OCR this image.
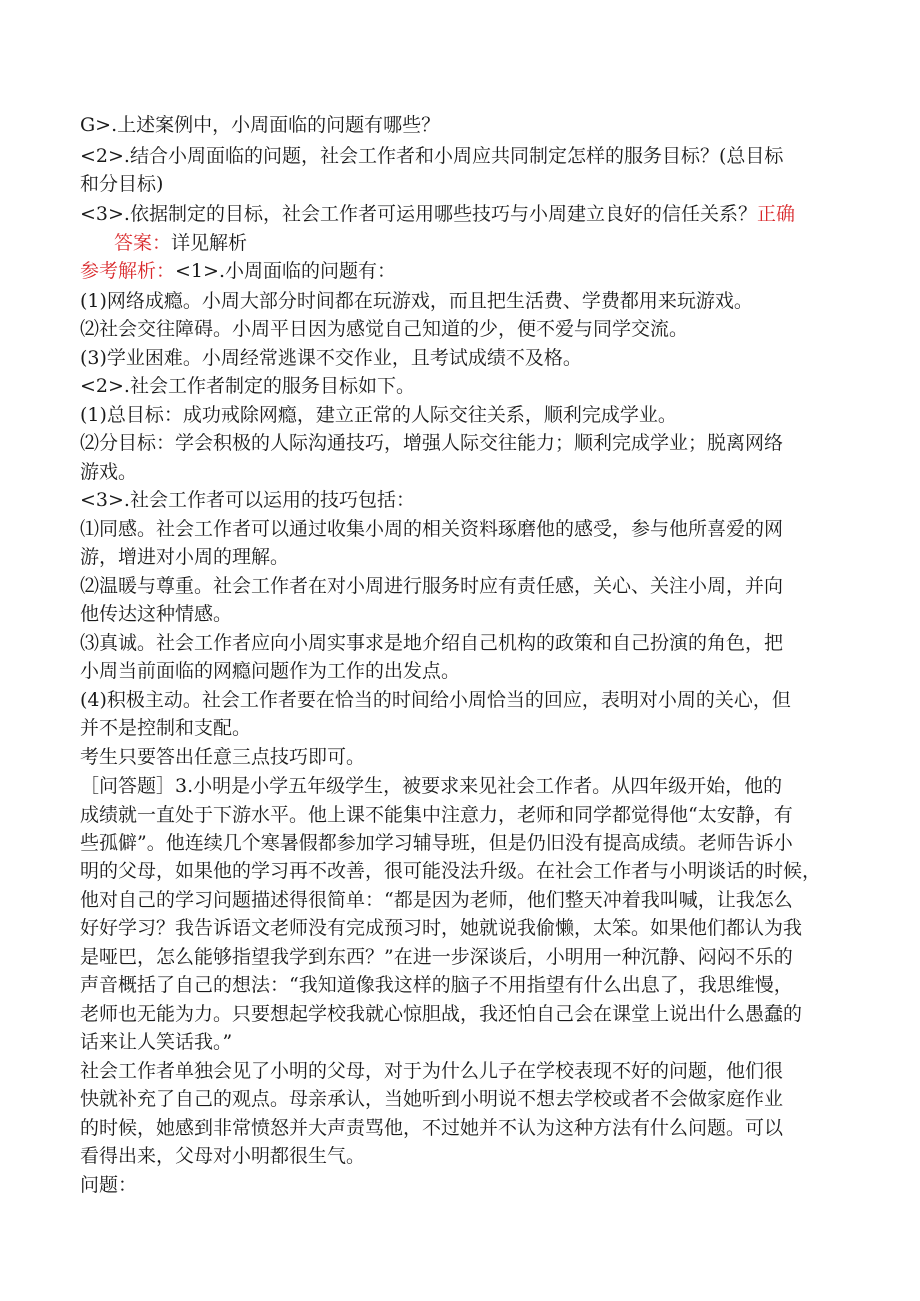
G>.上述案例中，小周面临的问题有哪些？
<2>.结合小周面临的问题，社会工作者和小周应共同制定怎样的服务目标？(总目标
和分目标)
<3>.依据制定的目标，社会工作者可运用哪些技巧与小周建立良好的信任关系？正确
答案：详见解析
参考解析：<1>.小周面临的问题有：
(1)网络成瘾。小周大部分时间都在玩游戏，而且把生活费、学费都用来玩游戏。
⑵社会交往障碍。小周平日因为感觉自己知道的少，便不爱与同学交流。
(3)学业困难。小周经常逃课不交作业，且考试成绩不及格。
<2>.社会工作者制定的服务目标如下。
(1)总目标：成功戒除网瘾，建立正常的人际交往关系，顺利完成学业。
⑵分目标：学会积极的人际沟通技巧，增强人际交往能力；顺利完成学业；脱离网络
游戏。
<3>.社会工作者可以运用的技巧包括：
⑴同感。社会工作者可以通过收集小周的相关资料琢磨他的感受，参与他所喜爱的网
游，增进对小周的理解。
⑵温暖与尊重。社会工作者在对小周进行服务时应有责任感，关心、关注小周，并向
他传达这种情感。
⑶真诚。社会工作者应向小周实事求是地介绍自己机构的政策和自己扮演的角色，把
小周当前面临的网瘾问题作为工作的出发点。
(4)积极主动。社会工作者要在恰当的时间给小周恰当的回应，表明对小周的关心，但
并不是控制和支配。
考生只要答出任意三点技巧即可。
［问答题］3.小明是小学五年级学生，被要求来见社会工作者。从四年级开始，他的
成绩就一直处于下游水平。他上课不能集中注意力，老师和同学都觉得他“太安静，有
些孤僻”。他连续几个寒暑假都参加学习辅导班，但是仍旧没有提高成绩。老师告诉小
明的父母，如果他的学习再不改善，很可能没法升级。在社会工作者与小明谈话的时候，
他对自己的学习问题描述得很简单：“都是因为老师，他们整天冲着我叫喊，让我怎么
好好学习？我告诉语文老师没有完成预习时，她就说我偷懒，太笨。如果他们都认为我
是哑巴，怎么能够指望我学到东西？”在进一步深谈后，小明用一种沉静、闷闷不乐的
声音概括了自己的想法：“我知道像我这样的脑子不用指望有什么出息了，我思维慢，
老师也无能为力。只要想起学校我就心惊胆战，我还怕自己会在课堂上说出什么愚蠢的
话来让人笑话我。”
社会工作者单独会见了小明的父母，对于为什么儿子在学校表现不好的问题，他们很
快就补充了自己的观点。母亲承认，当她听到小明说不想去学校或者不会做家庭作业
的时候，她感到非常愤怒并大声责骂他，不过她并不认为这种方法有什么问题。可以
看得出来，父母对小明都很生气。
问题：
